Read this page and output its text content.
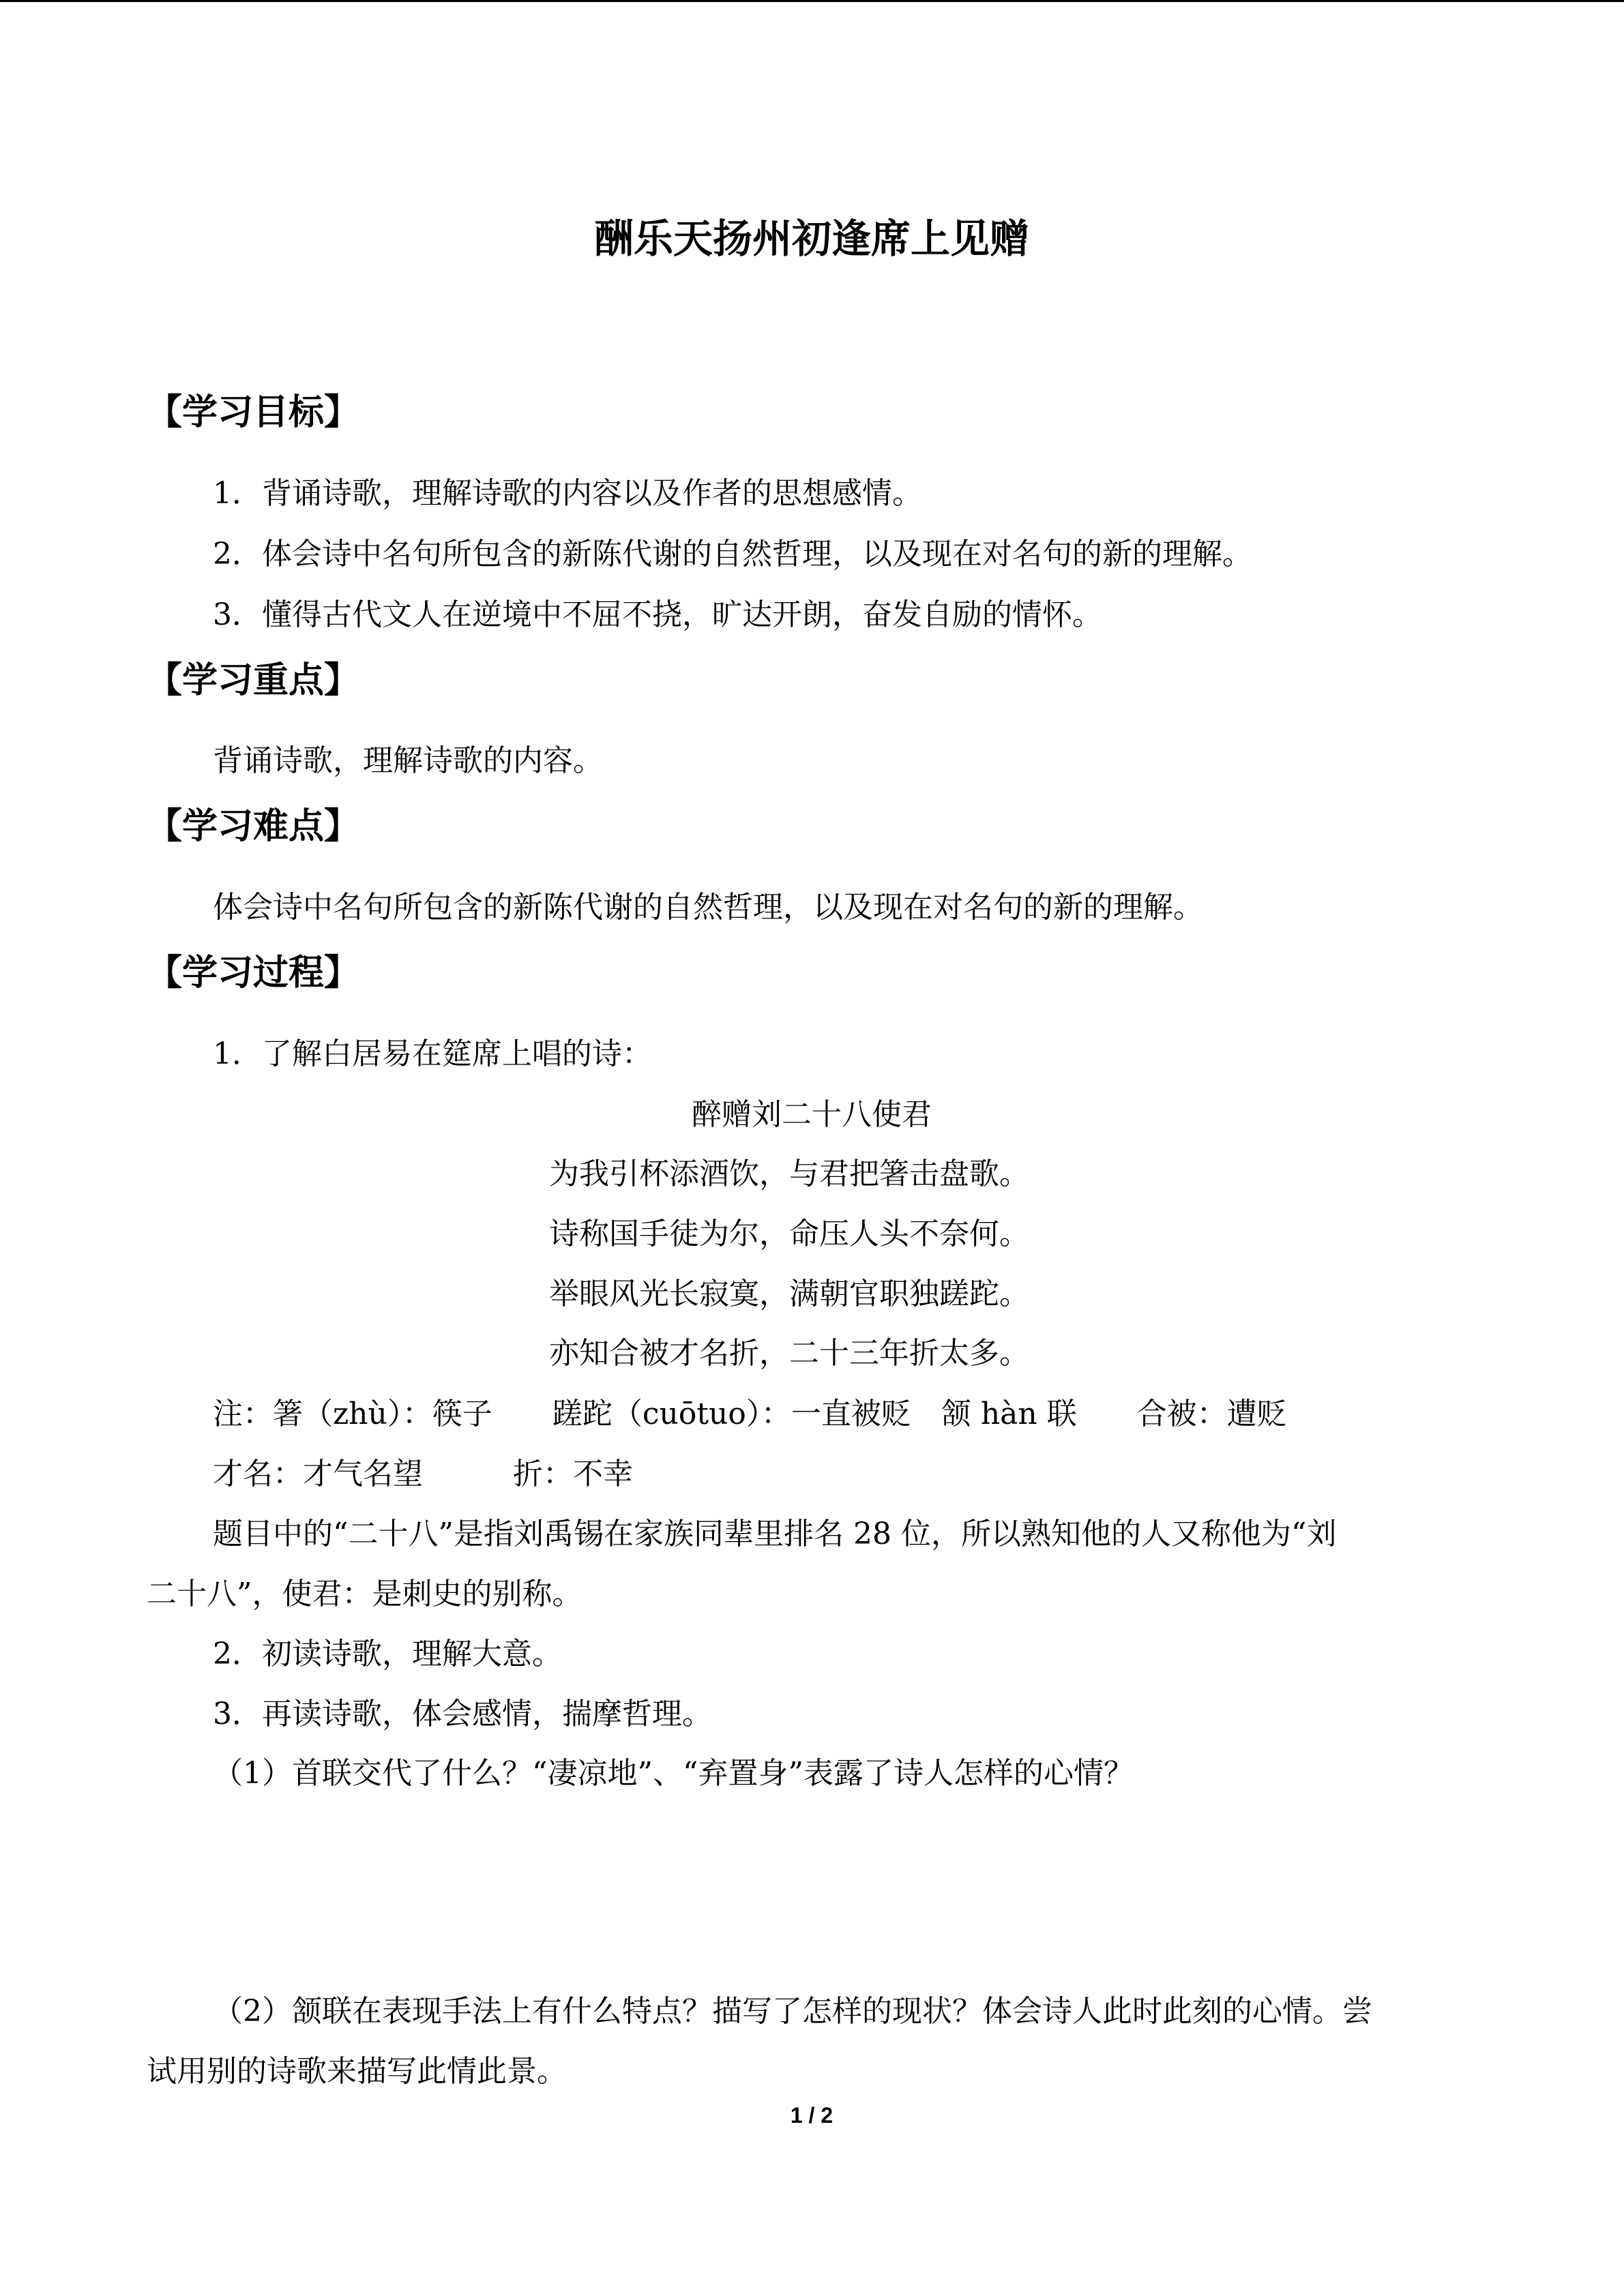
酬乐天扬州初逢席上见赠
【学习目标】
1．背诵诗歌，理解诗歌的内容以及作者的思想感情。
2．体会诗中名句所包含的新陈代谢的自然哲理，以及现在对名句的新的理解。
3．懂得古代文人在逆境中不屈不挠，旷达开朗，奋发自励的情怀。
【学习重点】
背诵诗歌，理解诗歌的内容。
【学习难点】
体会诗中名句所包含的新陈代谢的自然哲理，以及现在对名句的新的理解。
【学习过程】
1．了解白居易在筵席上唱的诗：
醉赠刘二十八使君
为我引杯添酒饮，与君把箸击盘歌。
诗称国手徒为尔，命压人头不奈何。
举眼风光长寂寞，满朝官职独蹉跎。
亦知合被才名折，二十三年折太多。
注：箸（zhù）：筷子　　蹉跎（cuōtuo）：一直被贬　颔 hàn 联　　合被：遭贬
才名：才气名望　　　折：不幸
题目中的“二十八”是指刘禹锡在家族同辈里排名 28 位，所以熟知他的人又称他为“刘
二十八”，使君：是刺史的别称。
2．初读诗歌，理解大意。
3．再读诗歌，体会感情，揣摩哲理。
（1）首联交代了什么？“凄凉地”、“弃置身”表露了诗人怎样的心情？
（2）颔联在表现手法上有什么特点？描写了怎样的现状？体会诗人此时此刻的心情。尝
试用别的诗歌来描写此情此景。
1 / 2
